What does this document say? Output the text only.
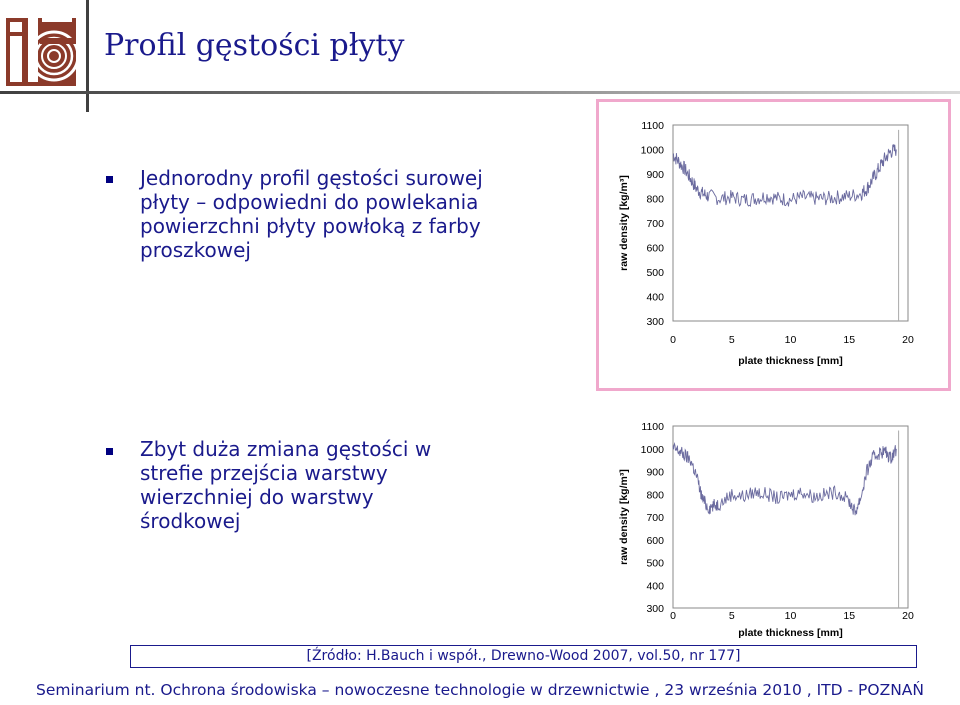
Profil gęstości płyty

Jednorodny profil gęstości surowej płyty – odpowiedni do powlekania powierzchni płyty powłoką z farby proszkowej

Zbyt duża zmiana gęstości w strefie przejścia warstwy wierzchniej do warstwy środkowej

1100
1000
900
800
700
600
500
400
300
0	5	10	15	20
plate thickness [mm]
raw density [kg/m³]
1100
1000
900
800
700
600
500
400
300
0	5	10	15	20
plate thickness [mm]
raw density [kg/m³]
[Źródło: H.Bauch i współ., Drewno-Wood 2007, vol.50, nr 177]
Seminarium nt. Ochrona środowiska – nowoczesne technologie w drzewnictwie , 23 września 2010 , ITD - POZNAŃ
